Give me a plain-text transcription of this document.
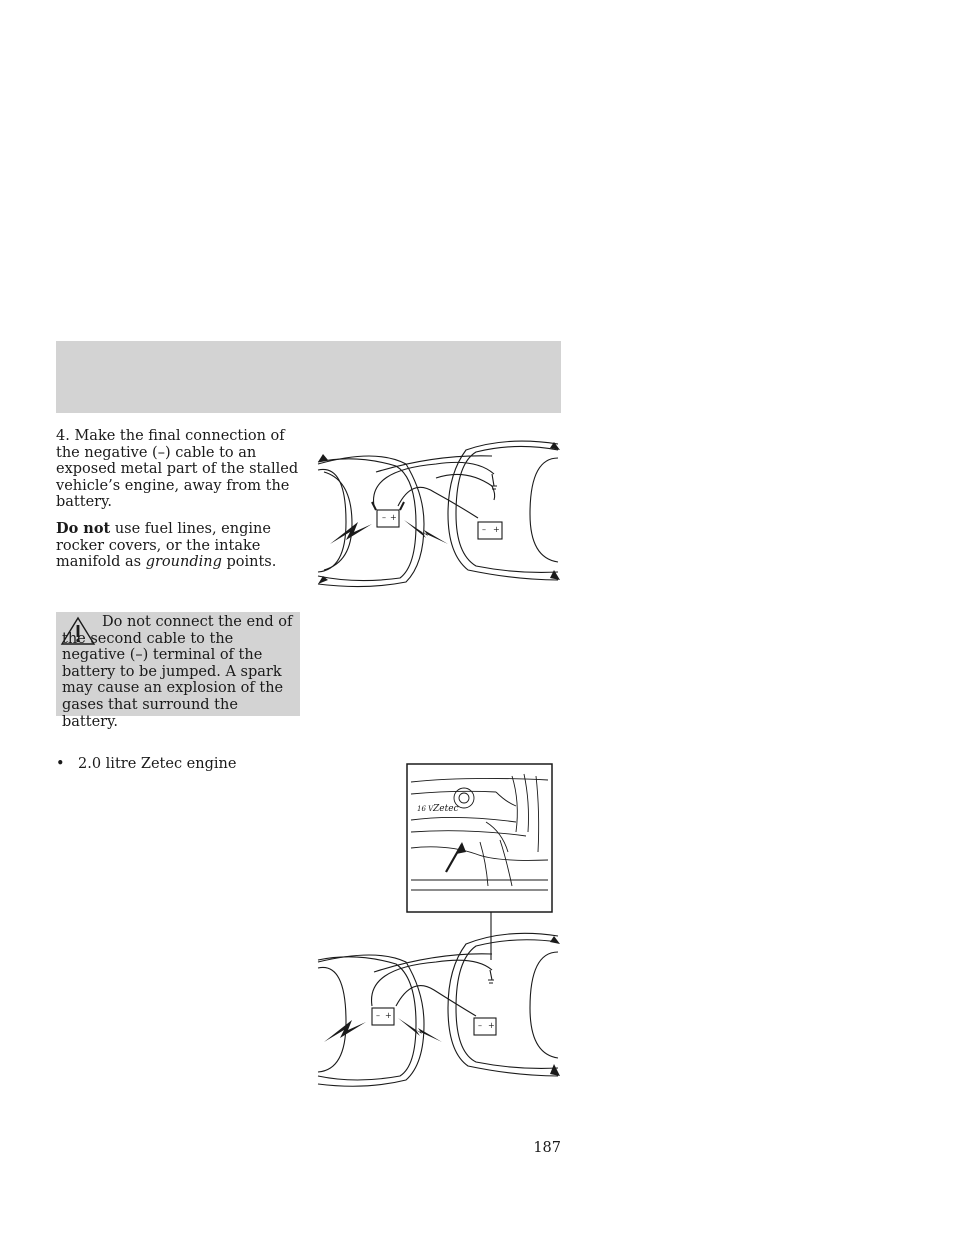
4. Make the final connection of the negative (–) cable to an exposed metal part of the stalled vehicle’s engine, away from the battery.
Do not use fuel lines, engine rocker covers, or the intake manifold as grounding points.
Do not connect the end of the second cable to the negative (–) terminal of the battery to be jumped. A spark may cause an explosion of the gases that surround the battery.
• 2.0 litre Zetec engine
– +
– +
16 V Zetec
– +
– +
187
